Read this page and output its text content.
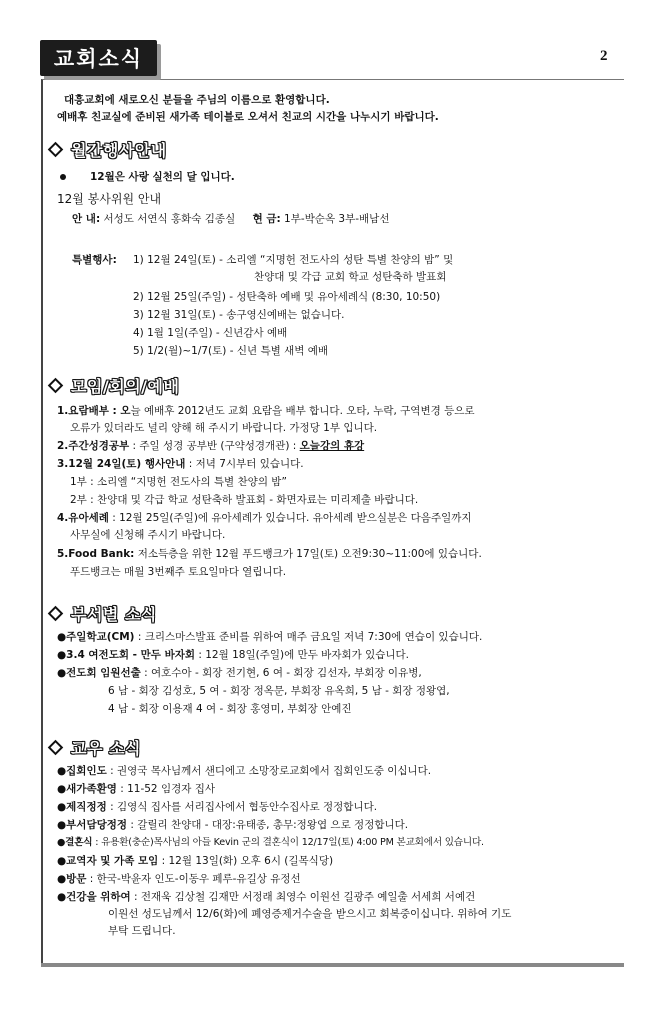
교회소식	2
대흥교회에 새로오신 분들을 주님의 이름으로 환영합니다.
예배후 친교실에 준비된 새가족 테이블로 오셔서 친교의 시간을 나누시기 바랍니다.
월간행사안내
12월은 사랑 실천의 달 입니다.
12월 봉사위원 안내
안 내: 서성도 서연식 홍화숙 김종실 현 금: 1부-박순옥 3부-배남선
특별행사: 1) 12월 24일(토) - 소리엘 “지명헌 전도사의 성탄 특별 찬양의 밤” 및
찬양대 및 각급 교회 학교 성탄축하 발표회
2) 12월 25일(주일) - 성탄축하 예배 및 유아세례식 (8:30, 10:50)
3) 12월 31일(토) - 송구영신예배는 없습니다.
4) 1월 1일(주일) - 신년감사 예배
5) 1/2(월)~1/7(토) - 신년 특별 새벽 예배
모임/회의/예배
1.요람배부 : 오늘 예배후 2012년도 교회 요람을 배부 합니다. 오타, 누락, 구역변경 등으로
오류가 있더라도 널리 양해 해 주시기 바랍니다. 가정당 1부 입니다.
2.주간성경공부 : 주일 성경 공부반 (구약성경개관) : 오늘강의 휴강
3.12월 24일(토) 행사안내 : 저녁 7시부터 있습니다.
1부 : 소리엘 “지명헌 전도사의 특별 찬양의 밤”
2부 : 찬양대 및 각급 학교 성탄축하 발표회 - 화면자료는 미리제출 바랍니다.
4.유아세례 : 12월 25일(주일)에 유아세례가 있습니다. 유아세례 받으실분은 다음주일까지
사무실에 신청해 주시기 바랍니다.
5.Food Bank: 저소득층을 위한 12월 푸드뱅크가 17일(토) 오전9:30~11:00에 있습니다.
푸드뱅크는 매월 3번째주 토요일마다 열립니다.
부서별 소식
●주일학교(CM) : 크리스마스발표 준비를 위하여 매주 금요일 저녁 7:30에 연습이 있습니다.
●3.4 여전도회 - 만두 바자회 : 12월 18일(주일)에 만두 바자회가 있습니다.
●전도회 임원선출 : 여호수아 - 회장 전기현, 6 여 - 회장 김선자, 부회장 이유병,
6 남 - 회장 김성호, 5 여 - 회장 정옥문, 부회장 유옥희, 5 남 - 회장 정왕엽,
4 남 - 회장 이용재 4 여 - 회장 홍영미, 부회장 안예진
교우 소식
●집회인도 : 권영국 목사님께서 샌디에고 소망장로교회에서 집회인도중 이십니다.
●새가족환영 : 11-52 임경자 집사
●제직정정 : 김영식 집사를 서리집사에서 협동안수집사로 정정합니다.
●부서담당정정 : 갈릴리 찬양대 - 대장:유태종, 총무:정왕엽 으로 정정합니다.
●결혼식 : 유용환(충순)목사님의 아들 Kevin 군의 결혼식이 12/17일(토) 4:00 PM 본교회에서 있습니다.
●교역자 및 가족 모임 : 12월 13일(화) 오후 6시 (길목식당)
●방문 : 한국-박윤자 인도-이동우 페루-유길상 유정선
●건강을 위하여 : 전재욱 김상철 김재만 서정래 최영수 이원선 길광주 예일출 서세희 서예건
이원선 성도님께서 12/6(화)에 폐영증제거수술을 받으시고 회복중이십니다. 위하여 기도
부탁 드립니다.
